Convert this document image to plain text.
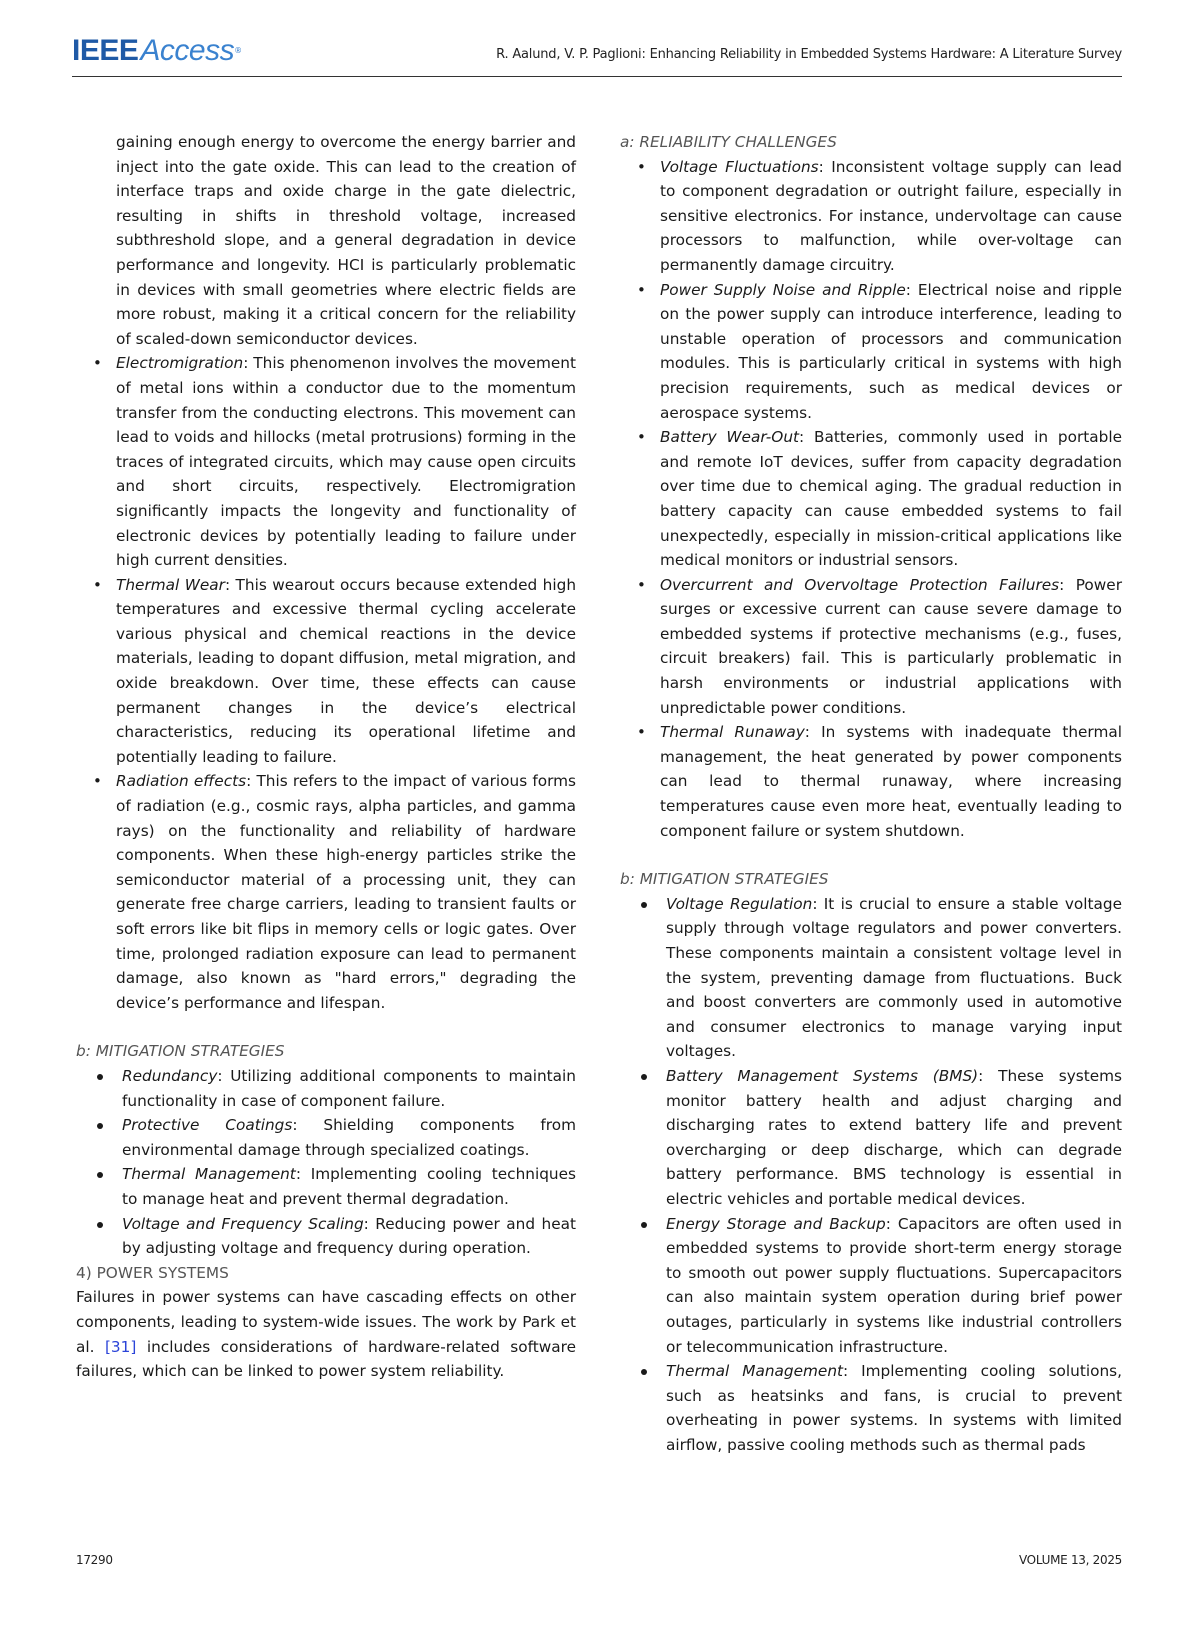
IEEEAccess®	R. Aalund, V. P. Paglioni: Enhancing Reliability in Embedded Systems Hardware: A Literature Survey

gaining enough energy to overcome the energy barrier and inject into the gate oxide. This can lead to the creation of interface traps and oxide charge in the gate dielectric, resulting in shifts in threshold voltage, increased subthreshold slope, and a general degradation in device performance and longevity. HCI is particularly problematic in devices with small geometries where electric fields are more robust, making it a critical concern for the reliability of scaled-down semiconductor devices.

• Electromigration: This phenomenon involves the movement of metal ions within a conductor due to the momentum transfer from the conducting electrons. This movement can lead to voids and hillocks (metal protrusions) forming in the traces of integrated circuits, which may cause open circuits and short circuits, respectively. Electromigration significantly impacts the longevity and functionality of electronic devices by potentially leading to failure under high current densities.
• Thermal Wear: This wearout occurs because extended high temperatures and excessive thermal cycling accelerate various physical and chemical reactions in the device materials, leading to dopant diffusion, metal migration, and oxide breakdown. Over time, these effects can cause permanent changes in the device’s electrical characteristics, reducing its operational lifetime and potentially leading to failure.
• Radiation effects: This refers to the impact of various forms of radiation (e.g., cosmic rays, alpha particles, and gamma rays) on the functionality and reliability of hardware components. When these high-energy particles strike the semiconductor material of a processing unit, they can generate free charge carriers, leading to transient faults or soft errors like bit flips in memory cells or logic gates. Over time, prolonged radiation exposure can lead to permanent damage, also known as "hard errors," degrading the device’s performance and lifespan.

b: MITIGATION STRATEGIES

Redundancy: Utilizing additional components to maintain functionality in case of component failure.
Protective Coatings: Shielding components from environmental damage through specialized coatings.
Thermal Management: Implementing cooling techniques to manage heat and prevent thermal degradation.
Voltage and Frequency Scaling: Reducing power and heat by adjusting voltage and frequency during operation.

4) POWER SYSTEMS

Failures in power systems can have cascading effects on other components, leading to system-wide issues. The work by Park et al. [31] includes considerations of hardware-related software failures, which can be linked to power system reliability.

a: RELIABILITY CHALLENGES

• Voltage Fluctuations: Inconsistent voltage supply can lead to component degradation or outright failure, especially in sensitive electronics. For instance, undervoltage can cause processors to malfunction, while over-voltage can permanently damage circuitry.
• Power Supply Noise and Ripple: Electrical noise and ripple on the power supply can introduce interference, leading to unstable operation of processors and communication modules. This is particularly critical in systems with high precision requirements, such as medical devices or aerospace systems.
• Battery Wear-Out: Batteries, commonly used in portable and remote IoT devices, suffer from capacity degradation over time due to chemical aging. The gradual reduction in battery capacity can cause embedded systems to fail unexpectedly, especially in mission-critical applications like medical monitors or industrial sensors.
• Overcurrent and Overvoltage Protection Failures: Power surges or excessive current can cause severe damage to embedded systems if protective mechanisms (e.g., fuses, circuit breakers) fail. This is particularly problematic in harsh environments or industrial applications with unpredictable power conditions.
• Thermal Runaway: In systems with inadequate thermal management, the heat generated by power components can lead to thermal runaway, where increasing temperatures cause even more heat, eventually leading to component failure or system shutdown.

b: MITIGATION STRATEGIES

Voltage Regulation: It is crucial to ensure a stable voltage supply through voltage regulators and power converters. These components maintain a consistent voltage level in the system, preventing damage from fluctuations. Buck and boost converters are commonly used in automotive and consumer electronics to manage varying input voltages.
Battery Management Systems (BMS): These systems monitor battery health and adjust charging and discharging rates to extend battery life and prevent overcharging or deep discharge, which can degrade battery performance. BMS technology is essential in electric vehicles and portable medical devices.
Energy Storage and Backup: Capacitors are often used in embedded systems to provide short-term energy storage to smooth out power supply fluctuations. Supercapacitors can also maintain system operation during brief power outages, particularly in systems like industrial controllers or telecommunication infrastructure.
Thermal Management: Implementing cooling solutions, such as heatsinks and fans, is crucial to prevent overheating in power systems. In systems with limited airflow, passive cooling methods such as thermal pads
17290	VOLUME 13, 2025
